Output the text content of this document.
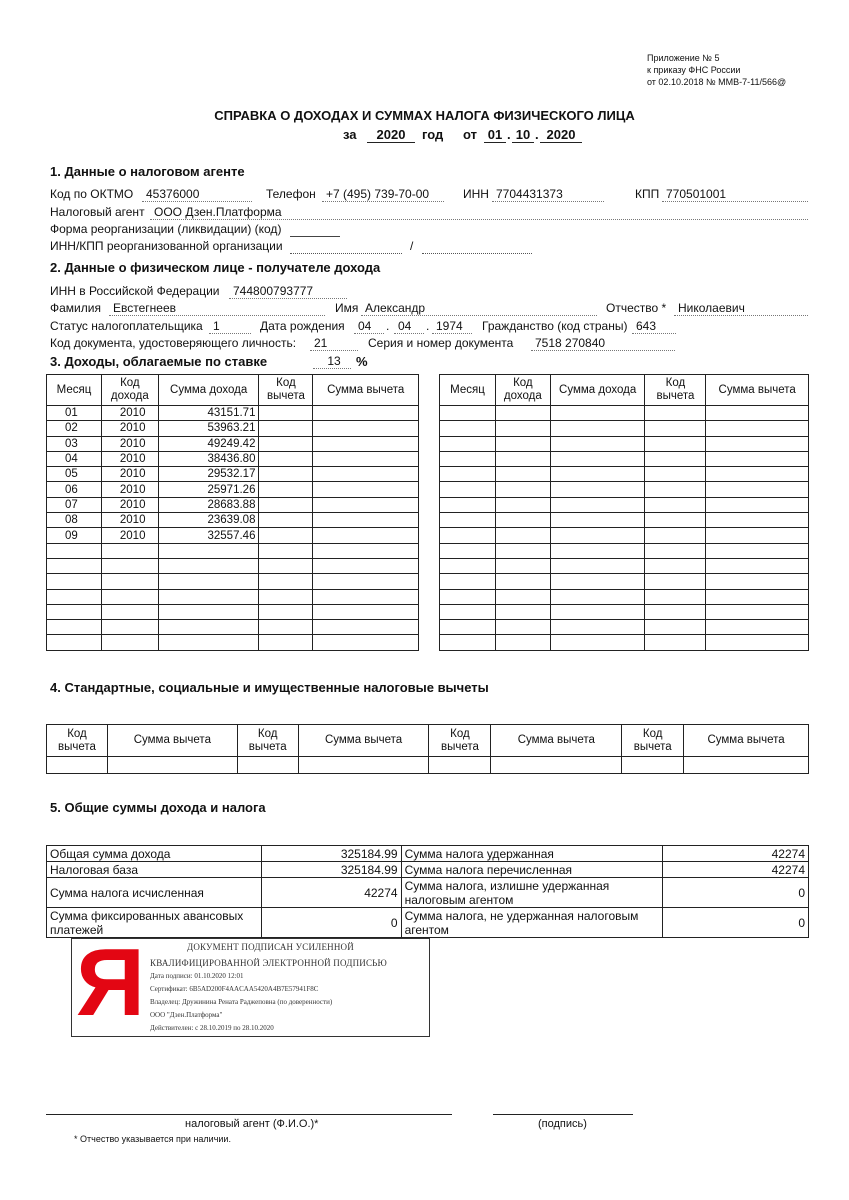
Приложение № 5
к приказу ФНС России
от 02.10.2018 № ММВ-7-11/566@
СПРАВКА О ДОХОДАХ И СУММАХ НАЛОГА ФИЗИЧЕСКОГО ЛИЦА
за	2020	год от 01 . 10 . 2020
1. Данные о налоговом агенте
Код по ОКТМО	45376000	Телефон +7 (495) 739-70-00	ИНН 7704431373	КПП 770501001
Налоговый агент ООО Дзен.Платформа
Форма реорганизации (ликвидации) (код)
ИНН/КПП реорганизованной организации	/
2. Данные о физическом лице - получателе дохода
ИНН в Российской Федерации	744800793777
Фамилия	Евстегнеев	Имя Александр	Отчество * Николаевич
Статус налогоплательщика 1	Дата рождения	04	. 04	. 1974	Гражданство (код страны) 643
Код документа, удостоверяющего личность:	21	Серия и номер документа	7518 270840
3. Доходы, облагаемые по ставке	13	%
Месяц	Код дохода	Сумма дохода	Код вычета	Сумма вычета
01	2010	43151.71		
02	2010	53963.21		
03	2010	49249.42		
04	2010	38436.80		
05	2010	29532.17		
06	2010	25971.26		
07	2010	28683.88		
08	2010	23639.08		
09	2010	32557.46		

Месяц	Код дохода	Сумма дохода	Код вычета	Сумма вычета

4. Стандартные, социальные и имущественные налоговые вычеты
Код вычета	Сумма вычета	Код вычета	Сумма вычета	Код вычета	Сумма вычета	Код вычета	Сумма вычета

5. Общие суммы дохода и налога
Общая сумма дохода	325184.99	Сумма налога удержанная	42274
Налоговая база	325184.99	Сумма налога перечисленная	42274
Сумма налога исчисленная	42274	Сумма налога, излишне удержанная налоговым агентом	0
Сумма фиксированных авансовых платежей	0	Сумма налога, не удержанная налоговым агентом	0
Я	ДОКУМЕНТ ПОДПИСАН УСИЛЕННОЙ
КВАЛИФИЦИРОВАННОЙ ЭЛЕКТРОННОЙ ПОДПИСЬЮ
Дата подписи: 01.10.2020 12:01
Сертификат: 6B5AD200F4AACAA5420A4B7E57941F8C
Владелец: Дружинина Рената Раджеповна (по доверенности)
ООО "Дзен.Платформа"
Действителен: с 28.10.2019 по 28.10.2020
налоговый агент (Ф.И.О.)*	(подпись)
* Отчество указывается при наличии.
